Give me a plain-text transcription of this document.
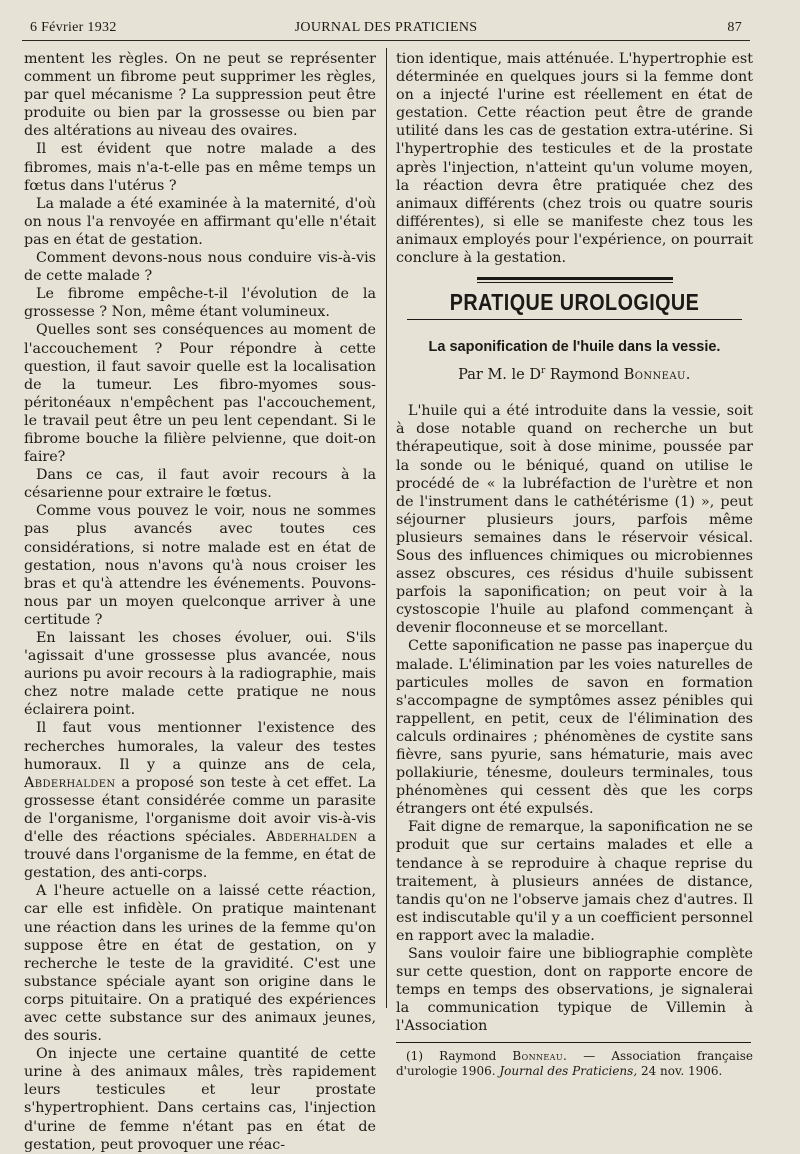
6 Février 1932	JOURNAL DES PRATICIENS	87

mentent les règles. On ne peut se représenter comment un fibrome peut supprimer les règles, par quel mécanisme ? La suppression peut être produite ou bien par la grossesse ou bien par des altérations au niveau des ovaires.

Il est évident que notre malade a des fibromes, mais n'a-t-elle pas en même temps un fœtus dans l'utérus ?

La malade a été examinée à la maternité, d'où on nous l'a renvoyée en affirmant qu'elle n'était pas en état de gestation.

Comment devons-nous nous conduire vis-à-vis de cette malade ?

Le fibrome empêche-t-il l'évolution de la grossesse ? Non, même étant volumineux.

Quelles sont ses conséquences au moment de l'accouchement ? Pour répondre à cette question, il faut savoir quelle est la localisation de la tumeur. Les fibro-myomes sous-péritonéaux n'empêchent pas l'accouchement, le travail peut être un peu lent cependant. Si le fibrome bouche la filière pelvienne, que doit-on faire?

Dans ce cas, il faut avoir recours à la césarienne pour extraire le fœtus.

Comme vous pouvez le voir, nous ne sommes pas plus avancés avec toutes ces considérations, si notre malade est en état de gestation, nous n'avons qu'à nous croiser les bras et qu'à attendre les événements. Pouvons-nous par un moyen quelconque arriver à une certitude ?

En laissant les choses évoluer, oui. S'ils 'agissait d'une grossesse plus avancée, nous aurions pu avoir recours à la radiographie, mais chez notre malade cette pratique ne nous éclairera point.

Il faut vous mentionner l'existence des recherches humorales, la valeur des testes humoraux. Il y a quinze ans de cela, Abderhalden a proposé son teste à cet effet. La grossesse étant considérée comme un parasite de l'organisme, l'organisme doit avoir vis-à-vis d'elle des réactions spéciales. Abderhalden a trouvé dans l'organisme de la femme, en état de gestation, des anti-corps.

A l'heure actuelle on a laissé cette réaction, car elle est infidèle. On pratique maintenant une réaction dans les urines de la femme qu'on suppose être en état de gestation, on y recherche le teste de la gravidité. C'est une substance spéciale ayant son origine dans le corps pituitaire. On a pratiqué des expériences avec cette substance sur des animaux jeunes, des souris.

On injecte une certaine quantité de cette urine à des animaux mâles, très rapidement leurs testicules et leur prostate s'hypertrophient. Dans certains cas, l'injection d'urine de femme n'étant pas en état de gestation, peut provoquer une réac-

tion identique, mais atténuée. L'hypertrophie est déterminée en quelques jours si la femme dont on a injecté l'urine est réellement en état de gestation. Cette réaction peut être de grande utilité dans les cas de gestation extra-utérine. Si l'hypertrophie des testicules et de la prostate après l'injection, n'atteint qu'un volume moyen, la réaction devra être pratiquée chez des animaux différents (chez trois ou quatre souris différentes), si elle se manifeste chez tous les animaux employés pour l'expérience, on pourrait conclure à la gestation.

PRATIQUE UROLOGIQUE
La saponification de l'huile dans la vessie.
Par M. le $D^r$ Raymond Bonneau.

L'huile qui a été introduite dans la vessie, soit à dose notable quand on recherche un but thérapeutique, soit à dose minime, poussée par la sonde ou le béniqué, quand on utilise le procédé de « la lubréfaction de l'urètre et non de l'instrument dans le cathétérisme (1) », peut séjourner plusieurs jours, parfois même plusieurs semaines dans le réservoir vésical. Sous des influences chimiques ou microbiennes assez obscures, ces résidus d'huile subissent parfois la saponification; on peut voir à la cystoscopie l'huile au plafond commençant à devenir floconneuse et se morcellant.

Cette saponification ne passe pas inaperçue du malade. L'élimination par les voies naturelles de particules molles de savon en formation s'accompagne de symptômes assez pénibles qui rappellent, en petit, ceux de l'élimination des calculs ordinaires ; phénomènes de cystite sans fièvre, sans pyurie, sans hématurie, mais avec pollakiurie, ténesme, douleurs terminales, tous phénomènes qui cessent dès que les corps étrangers ont été expulsés.

Fait digne de remarque, la saponification ne se produit que sur certains malades et elle a tendance à se reproduire à chaque reprise du traitement, à plusieurs années de distance, tandis qu'on ne l'observe jamais chez d'autres. Il est indiscutable qu'il y a un coefficient personnel en rapport avec la maladie.

Sans vouloir faire une bibliographie complète sur cette question, dont on rapporte encore de temps en temps des observations, je signalerai la communication typique de Villemin à l'Association

(1) Raymond Bonneau. — Association française d'urologie 1906. Journal des Praticiens, 24 nov. 1906.
